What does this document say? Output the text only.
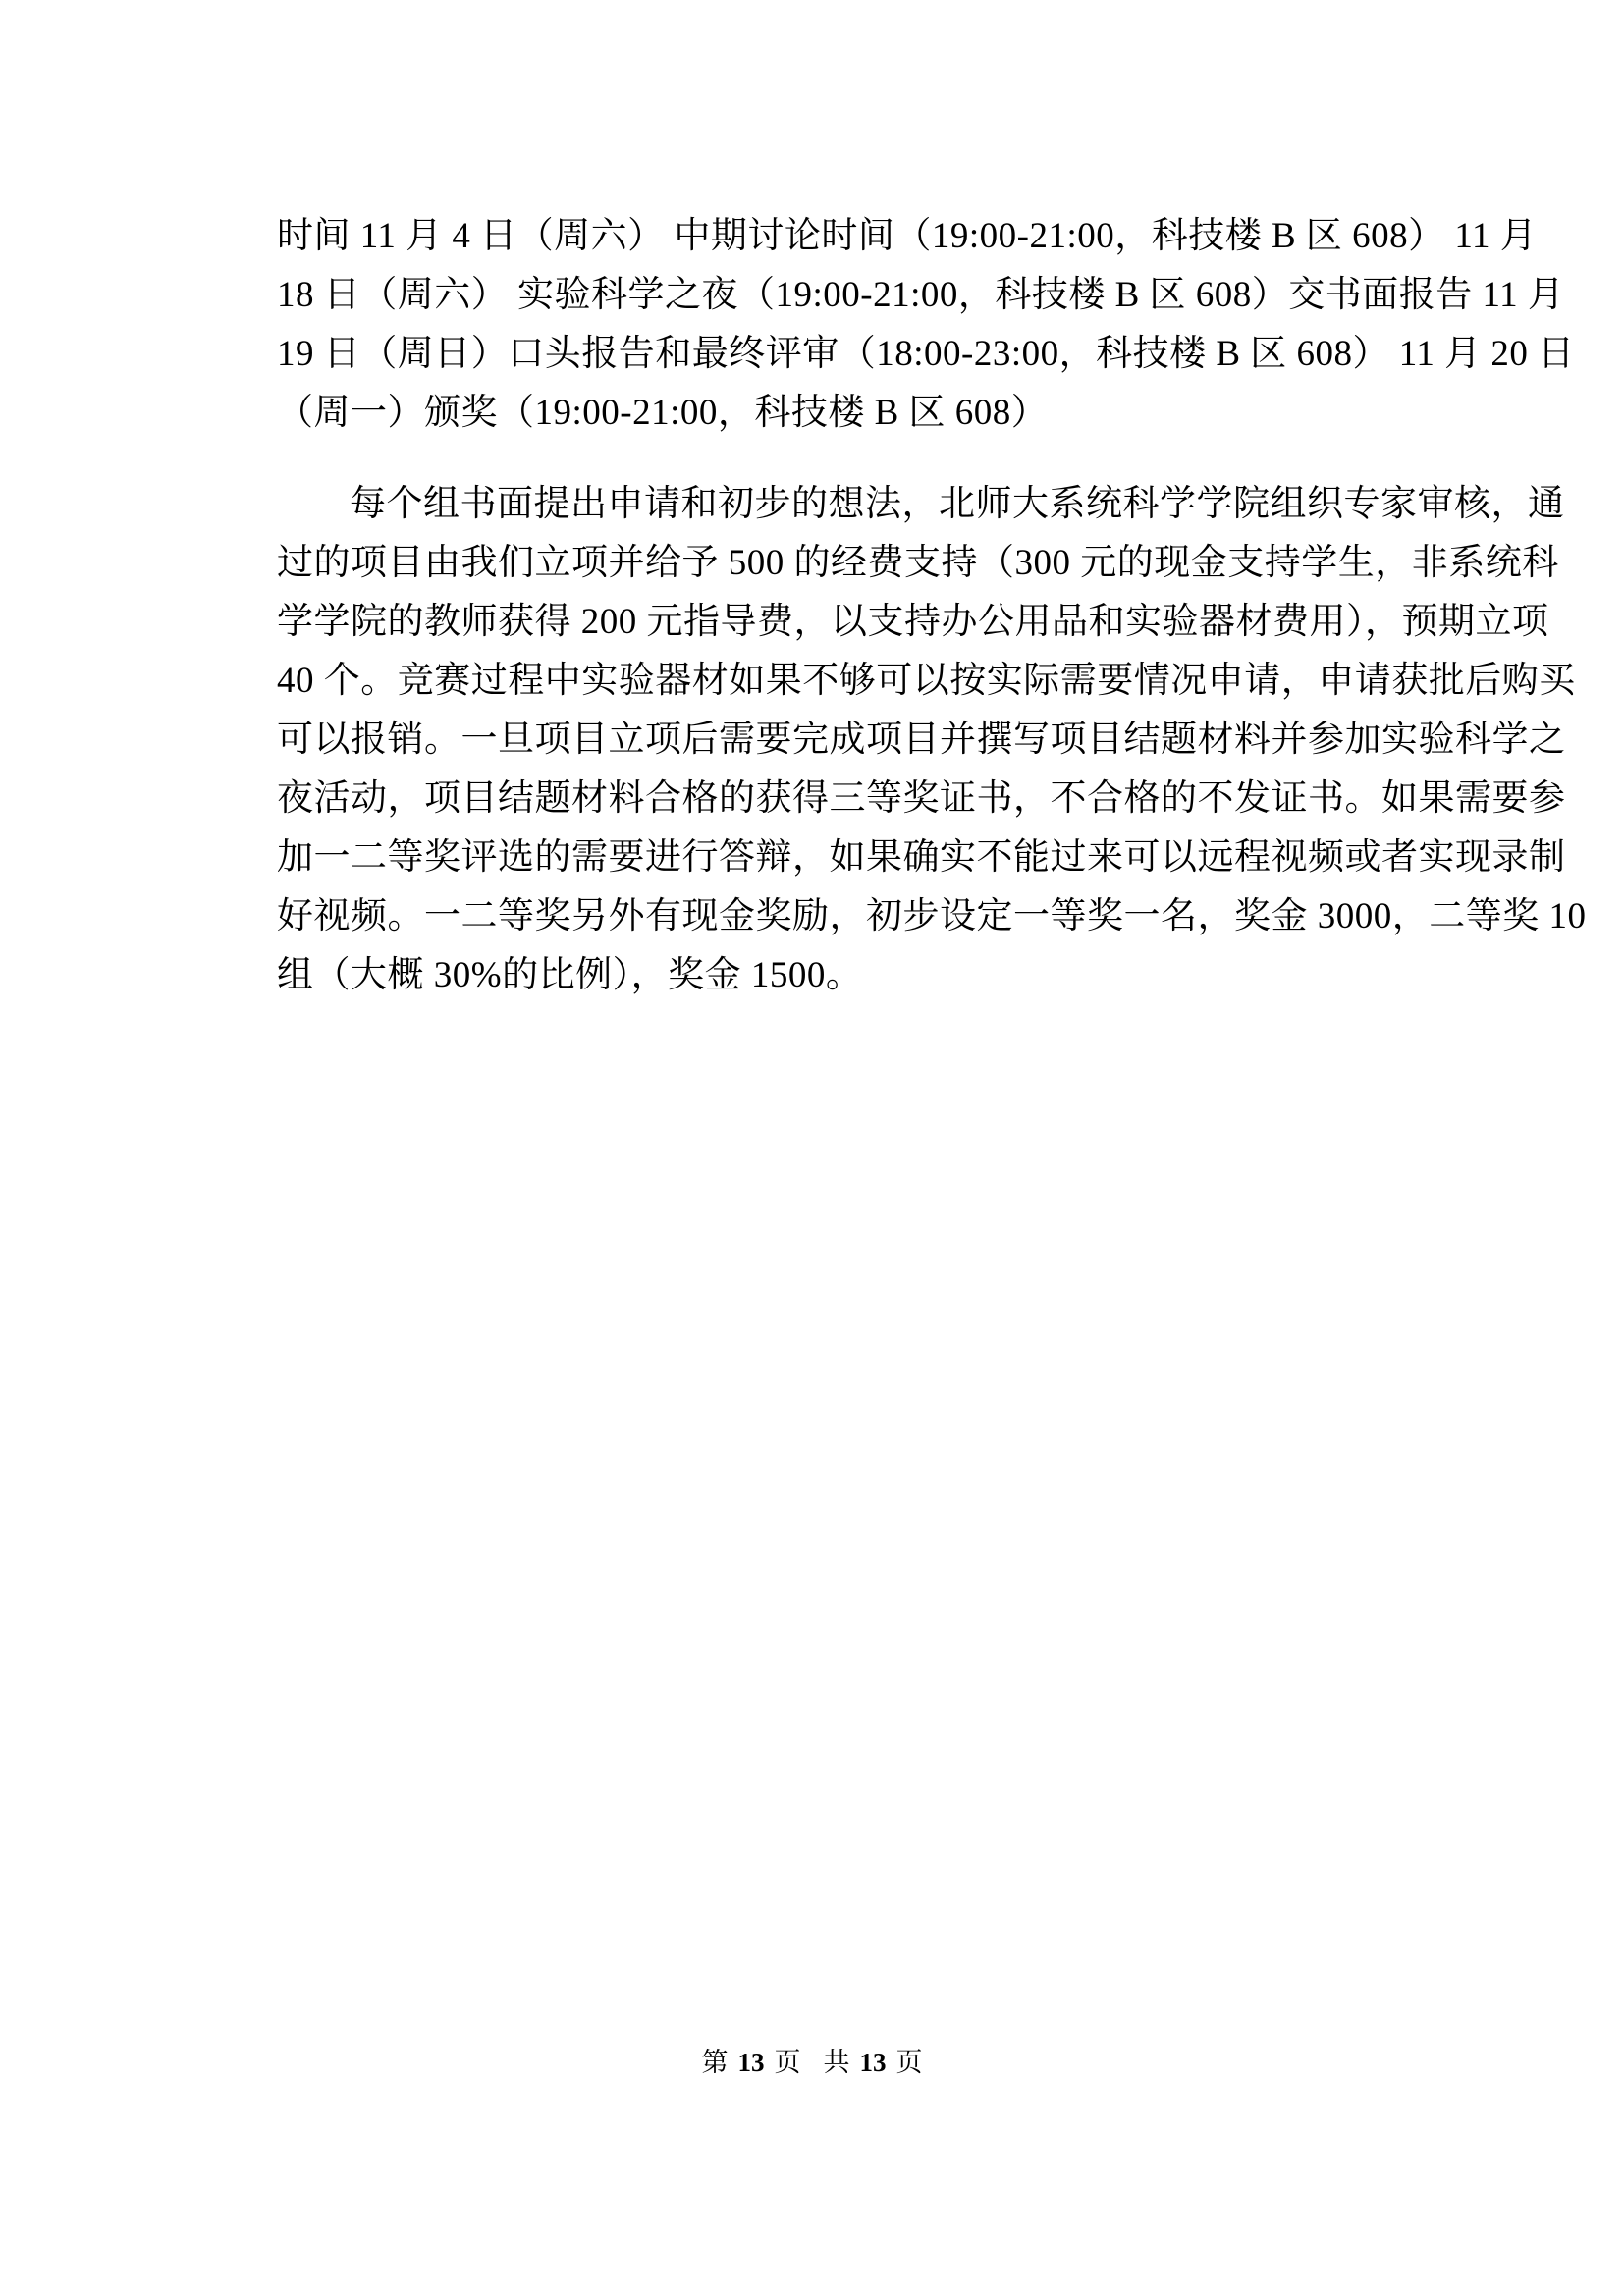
时间 11 月 4 日（周六） 中期讨论时间（19:00-21:00，科技楼 B 区 608） 11 月
18 日（周六） 实验科学之夜（19:00-21:00，科技楼 B 区 608）交书面报告 11 月
19 日（周日）口头报告和最终评审（18:00-23:00，科技楼 B 区 608） 11 月 20 日
（周一）颁奖（19:00-21:00，科技楼 B 区 608）
每个组书面提出申请和初步的想法，北师大系统科学学院组织专家审核，通
过的项目由我们立项并给予 500 的经费支持（300 元的现金支持学生，非系统科
学学院的教师获得 200 元指导费，以支持办公用品和实验器材费用），预期立项
40 个。竞赛过程中实验器材如果不够可以按实际需要情况申请，申请获批后购买
可以报销。一旦项目立项后需要完成项目并撰写项目结题材料并参加实验科学之
夜活动，项目结题材料合格的获得三等奖证书，不合格的不发证书。如果需要参
加一二等奖评选的需要进行答辩，如果确实不能过来可以远程视频或者实现录制
好视频。一二等奖另外有现金奖励，初步设定一等奖一名，奖金 3000，二等奖 10
组（大概 30%的比例），奖金 1500。
第 13 页 共 13 页
